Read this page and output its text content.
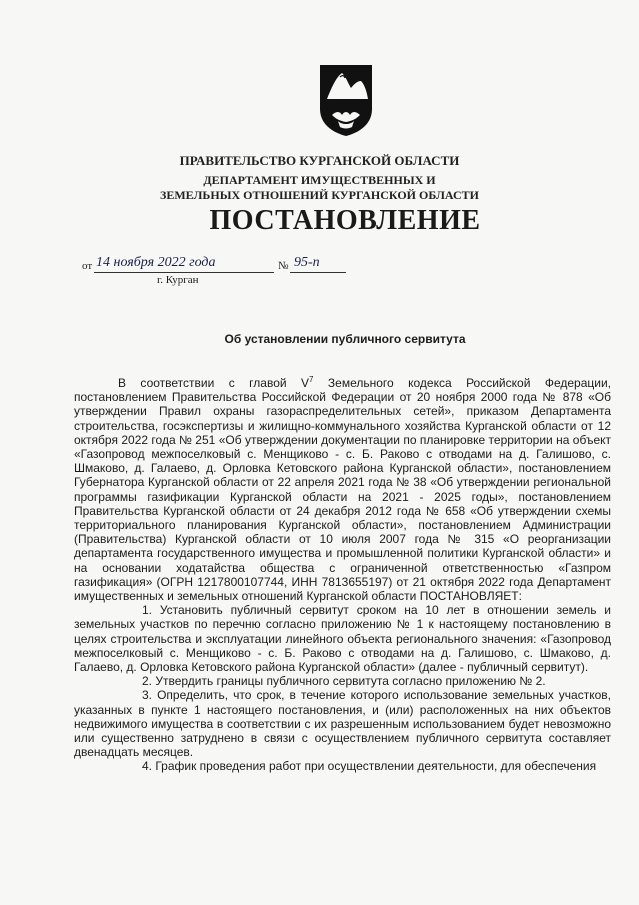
ПРАВИТЕЛЬСТВО КУРГАНСКОЙ ОБЛАСТИ
ДЕПАРТАМЕНТ ИМУЩЕСТВЕННЫХ И
ЗЕМЕЛЬНЫХ ОТНОШЕНИЙ КУРГАНСКОЙ ОБЛАСТИ
ПОСТАНОВЛЕНИЕ
от 14 ноября 2022 года	№ 95-п
г. Курган
Об установлении публичного сервитута

В соответствии с главой $V^7$ Земельного кодекса Российской Федерации, постановлением Правительства Российской Федерации от 20 ноября 2000 года № 878 «Об утверждении Правил охраны газораспределительных сетей», приказом Департамента строительства, госэкспертизы и жилищно-коммунального хозяйства Курганской области от 12 октября 2022 года № 251 «Об утверждении документации по планировке территории на объект «Газопровод межпоселковый с. Менщиково - с. Б. Раково с отводами на д. Галишово, с. Шмаково, д. Галаево, д. Орловка Кетовского района Курганской области», постановлением Губернатора Курганской области от 22 апреля 2021 года № 38 «Об утверждении региональной программы газификации Курганской области на 2021 - 2025 годы», постановлением Правительства Курганской области от 24 декабря 2012 года № 658 «Об утверждении схемы территориального планирования Курганской области», постановлением Администрации (Правительства) Курганской области от 10 июля 2007 года № 315 «О реорганизации департамента государственного имущества и промышленной политики Курганской области» и на основании ходатайства общества с ограниченной ответственностью «Газпром газификация» (ОГРН 1217800107744, ИНН 7813655197) от 21 октября 2022 года Департамент имущественных и земельных отношений Курганской области ПОСТАНОВЛЯЕТ:

1. Установить публичный сервитут сроком на 10 лет в отношении земель и земельных участков по перечню согласно приложению № 1 к настоящему постановлению в целях строительства и эксплуатации линейного объекта регионального значения: «Газопровод межпоселковый с. Менщиково - с. Б. Раково с отводами на д. Галишово, с. Шмаково, д. Галаево, д. Орловка Кетовского района Курганской области» (далее - публичный сервитут).

2. Утвердить границы публичного сервитута согласно приложению № 2.

3. Определить, что срок, в течение которого использование земельных участков, указанных в пункте 1 настоящего постановления, и (или) расположенных на них объектов недвижимого имущества в соответствии с их разрешенным использованием будет невозможно или существенно затруднено в связи с осуществлением публичного сервитута составляет двенадцать месяцев.

4. График проведения работ при осуществлении деятельности, для обеспечения
